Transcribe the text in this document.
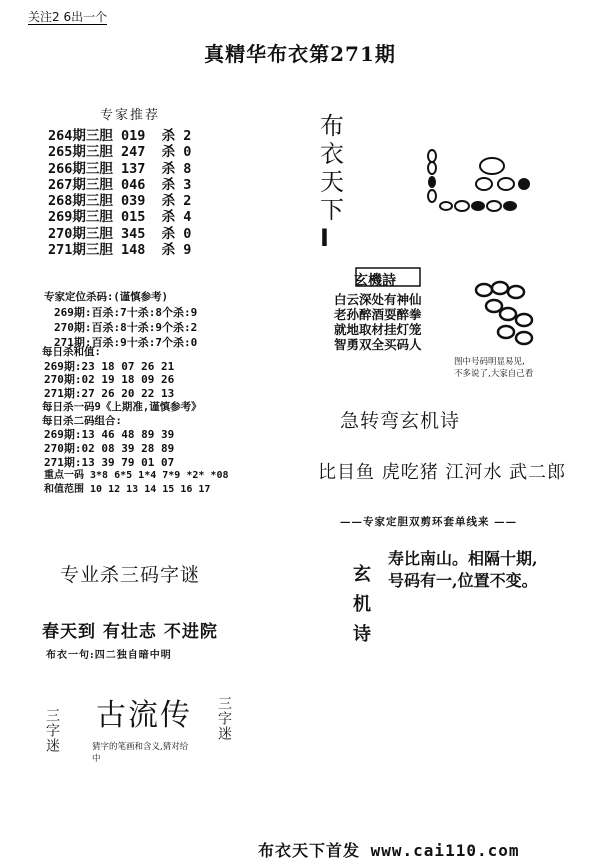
关注2 6出一个
真精华布衣第271期
专家推荐
264期三胆 019  杀 2
265期三胆 247  杀 0
266期三胆 137  杀 8
267期三胆 046  杀 3
268期三胆 039  杀 2
269期三胆 015  杀 4
270期三胆 345  杀 0
271期三胆 148  杀 9
专家定位杀码:(谨慎参考)
269期:百杀:7十杀:8个杀:9
270期:百杀:8十杀:9个杀:2
271期:百杀:9十杀:7个杀:0
每日杀和值:
269期:23 18 07 26 21
270期:02 19 18 09 26
271期:27 26 20 22 13
每日杀一码9《上期准,谨慎参考》
每日杀二码组合:
269期:13 46 48 89 39
270期:02 08 39 28 89
271期:13 39 79 01 07
重点一码 3*8 6*5 1*4 7*9 *2* *08
和值范围 10 12 13 14 15 16 17
专业杀三码字谜
春天到 有壮志 不进院
布衣一句:四二独自暗中明
三字迷 古流传
猜字的笔画和含义,猜对给中
三字迷
布
衣
天
下
I
玄機詩
白云深处有神仙
老孙醉酒耍醉拳
就地取材挂灯笼
智勇双全买码人
图中号码明显易见,
不多说了,大家自己看
急转弯玄机诗
比目鱼 虎吃猪 江河水 武二郎
——专家定胆双剪环套单线来 ——
玄机诗
寿比南山。相隔十期,
号码有一,位置不变。
布衣天下首发 www.cai110.com
